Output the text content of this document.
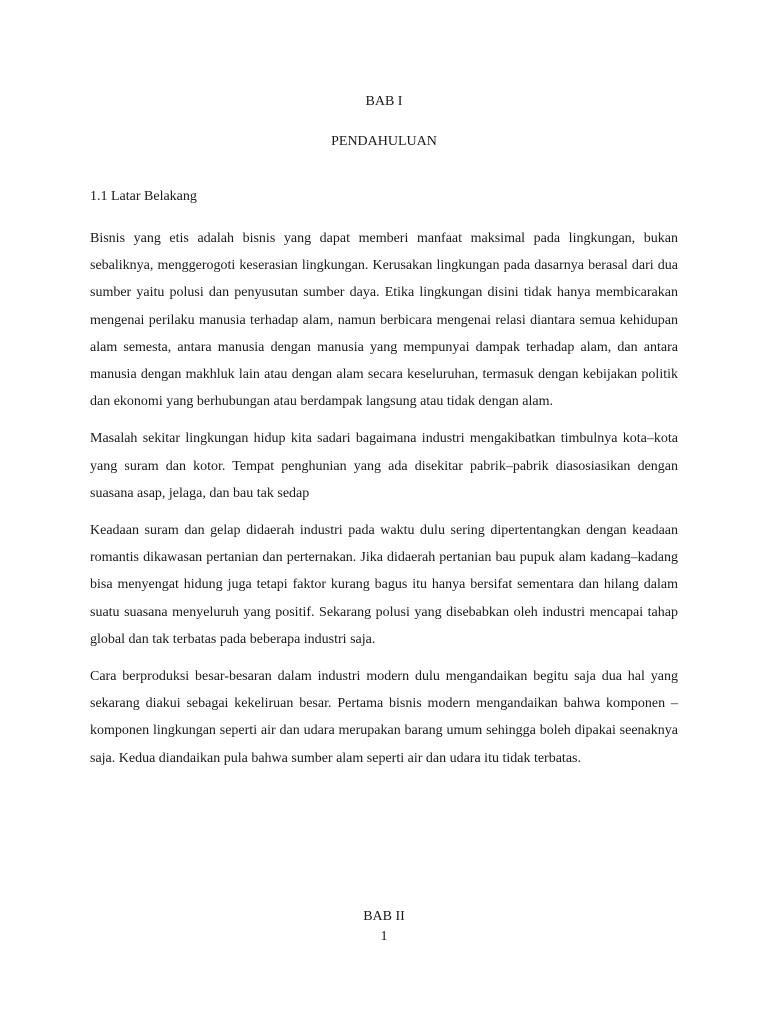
BAB I
PENDAHULUAN
1.1 Latar Belakang

Bisnis yang etis adalah bisnis yang dapat memberi manfaat maksimal pada lingkungan, bukan sebaliknya, menggerogoti keserasian lingkungan. Kerusakan lingkungan pada dasarnya berasal dari dua sumber yaitu polusi dan penyusutan sumber daya. Etika lingkungan disini tidak hanya membicarakan mengenai perilaku manusia terhadap alam, namun berbicara mengenai relasi diantara semua kehidupan alam semesta, antara manusia dengan manusia yang mempunyai dampak terhadap alam, dan antara manusia dengan makhluk lain atau dengan alam secara keseluruhan, termasuk dengan kebijakan politik dan ekonomi yang berhubungan atau berdampak langsung atau tidak dengan alam.

Masalah sekitar lingkungan hidup kita sadari bagaimana industri mengakibatkan timbulnya kota–kota yang suram dan kotor. Tempat penghunian yang ada disekitar pabrik–pabrik diasosiasikan dengan suasana asap, jelaga, dan bau tak sedap

Keadaan suram dan gelap didaerah industri pada waktu dulu sering dipertentangkan dengan keadaan romantis dikawasan pertanian dan perternakan. Jika didaerah pertanian bau pupuk alam kadang–kadang bisa menyengat hidung juga tetapi faktor kurang bagus itu hanya bersifat sementara dan hilang dalam suatu suasana menyeluruh yang positif. Sekarang polusi yang disebabkan oleh industri mencapai tahap global dan tak terbatas pada beberapa industri saja.

Cara berproduksi besar-besaran dalam industri modern dulu mengandaikan begitu saja dua hal yang sekarang diakui sebagai kekeliruan besar. Pertama bisnis modern mengandaikan bahwa komponen – komponen lingkungan seperti air dan udara merupakan barang umum sehingga boleh dipakai seenaknya saja. Kedua diandaikan pula bahwa sumber alam seperti air dan udara itu tidak terbatas.

BAB II
1
